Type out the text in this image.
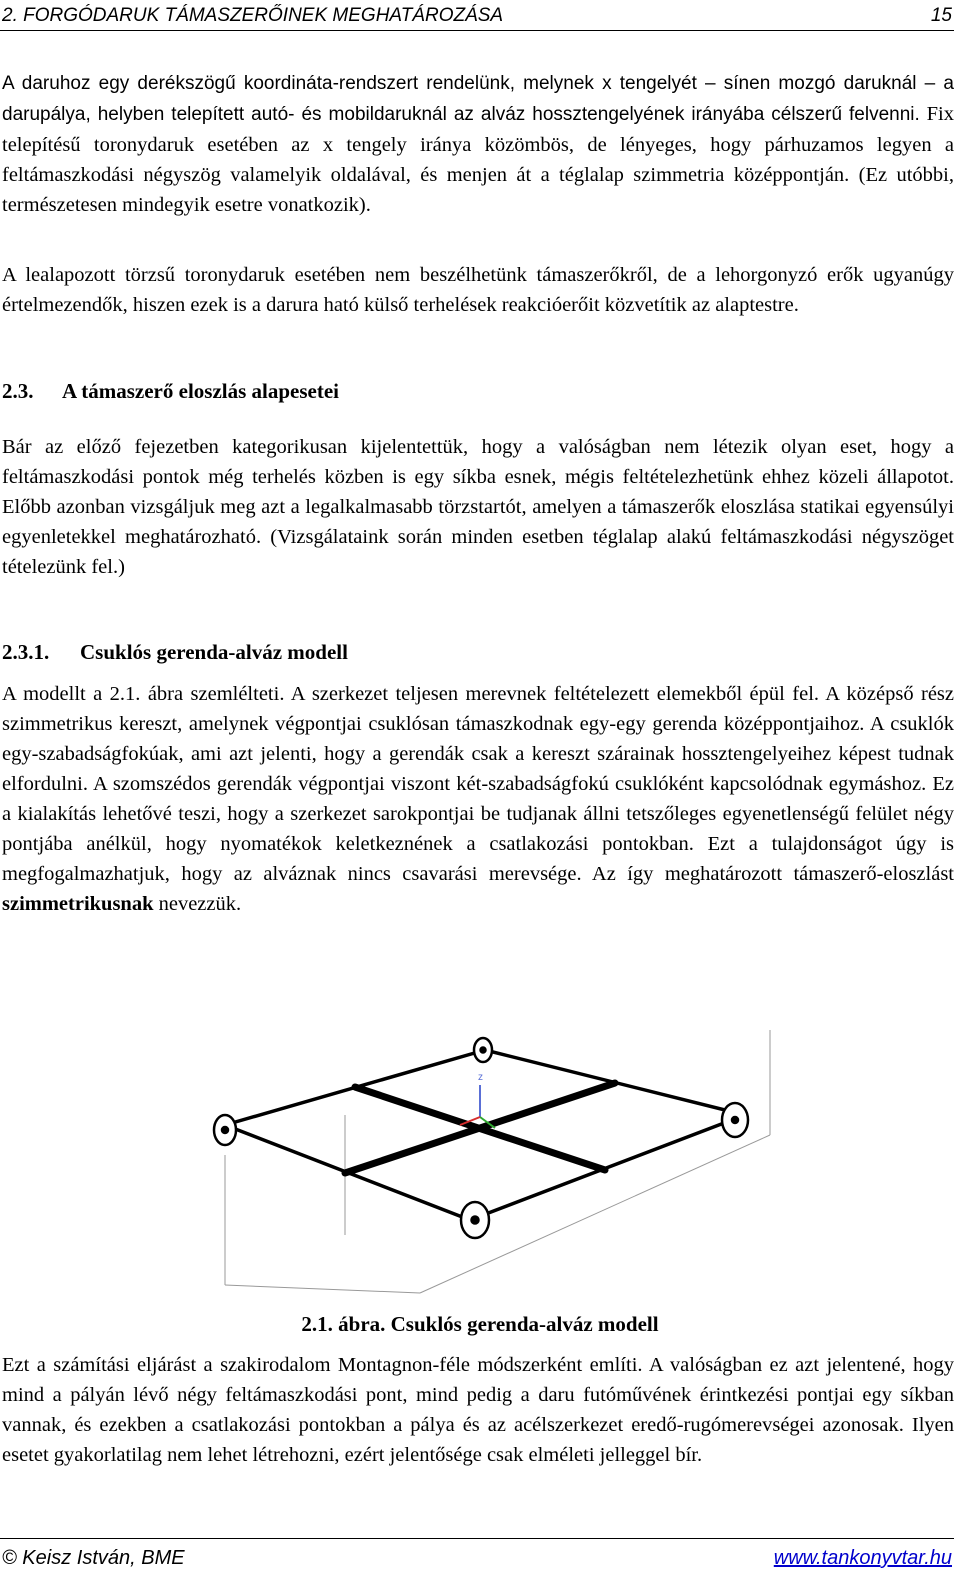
2. FORGÓDARUK TÁMASZERŐINEK MEGHATÁROZÁSA	15
A daruhoz egy derékszögű koordináta-rendszert rendelünk, melynek x tengelyét – sínen mozgó daruknál – a darupálya, helyben telepített autó- és mobildaruknál az alváz hossztengelyének irányába célszerű felvenni. Fix telepítésű toronydaruk esetében az x tengely iránya közömbös, de lényeges, hogy párhuzamos legyen a feltámaszkodási négyszög valamelyik oldalával, és menjen át a téglalap szimmetria középpontján. (Ez utóbbi, természetesen mindegyik esetre vonatkozik).
A lealapozott törzsű toronydaruk esetében nem beszélhetünk támaszerőkről, de a lehorgonyzó erők ugyanúgy értelmezendők, hiszen ezek is a darura ható külső terhelések reakcióerőit közvetítik az alaptestre.
2.3. A támaszerő eloszlás alapesetei
Bár az előző fejezetben kategorikusan kijelentettük, hogy a valóságban nem létezik olyan eset, hogy a feltámaszkodási pontok még terhelés közben is egy síkba esnek, mégis feltételezhetünk ehhez közeli állapotot. Előbb azonban vizsgáljuk meg azt a legalkalmasabb törzstartót, amelyen a támaszerők eloszlása statikai egyensúlyi egyenletekkel meghatározható. (Vizsgálataink során minden esetben téglalap alakú feltámaszkodási négyszöget tételezünk fel.)
2.3.1. Csuklós gerenda-alváz modell
A modellt a 2.1. ábra szemlélteti. A szerkezet teljesen merevnek feltételezett elemekből épül fel. A középső rész szimmetrikus kereszt, amelynek végpontjai csuklósan támaszkodnak egy-egy gerenda középpontjaihoz. A csuklók egy-szabadságfokúak, ami azt jelenti, hogy a gerendák csak a kereszt szárainak hossztengelyeihez képest tudnak elfordulni. A szomszédos gerendák végpontjai viszont két-szabadságfokú csuklóként kapcsolódnak egymáshoz. Ez a kialakítás lehetővé teszi, hogy a szerkezet sarokpontjai be tudjanak állni tetszőleges egyenetlenségű felület négy pontjába anélkül, hogy nyomatékok keletkeznének a csatlakozási pontokban. Ezt a tulajdonságot úgy is megfogalmazhatjuk, hogy az alváznak nincs csavarási merevsége. Az így meghatározott támaszerő-eloszlást szimmetrikusnak nevezzük.
z
2.1. ábra. Csuklós gerenda-alváz modell
Ezt a számítási eljárást a szakirodalom Montagnon-féle módszerként említi. A valóságban ez azt jelentené, hogy mind a pályán lévő négy feltámaszkodási pont, mind pedig a daru futóművének érintkezési pontjai egy síkban vannak, és ezekben a csatlakozási pontokban a pálya és az acélszerkezet eredő-rugómerevségei azonosak. Ilyen esetet gyakorlatilag nem lehet létrehozni, ezért jelentősége csak elméleti jelleggel bír.
© Keisz István, BME	www.tankonyvtar.hu
